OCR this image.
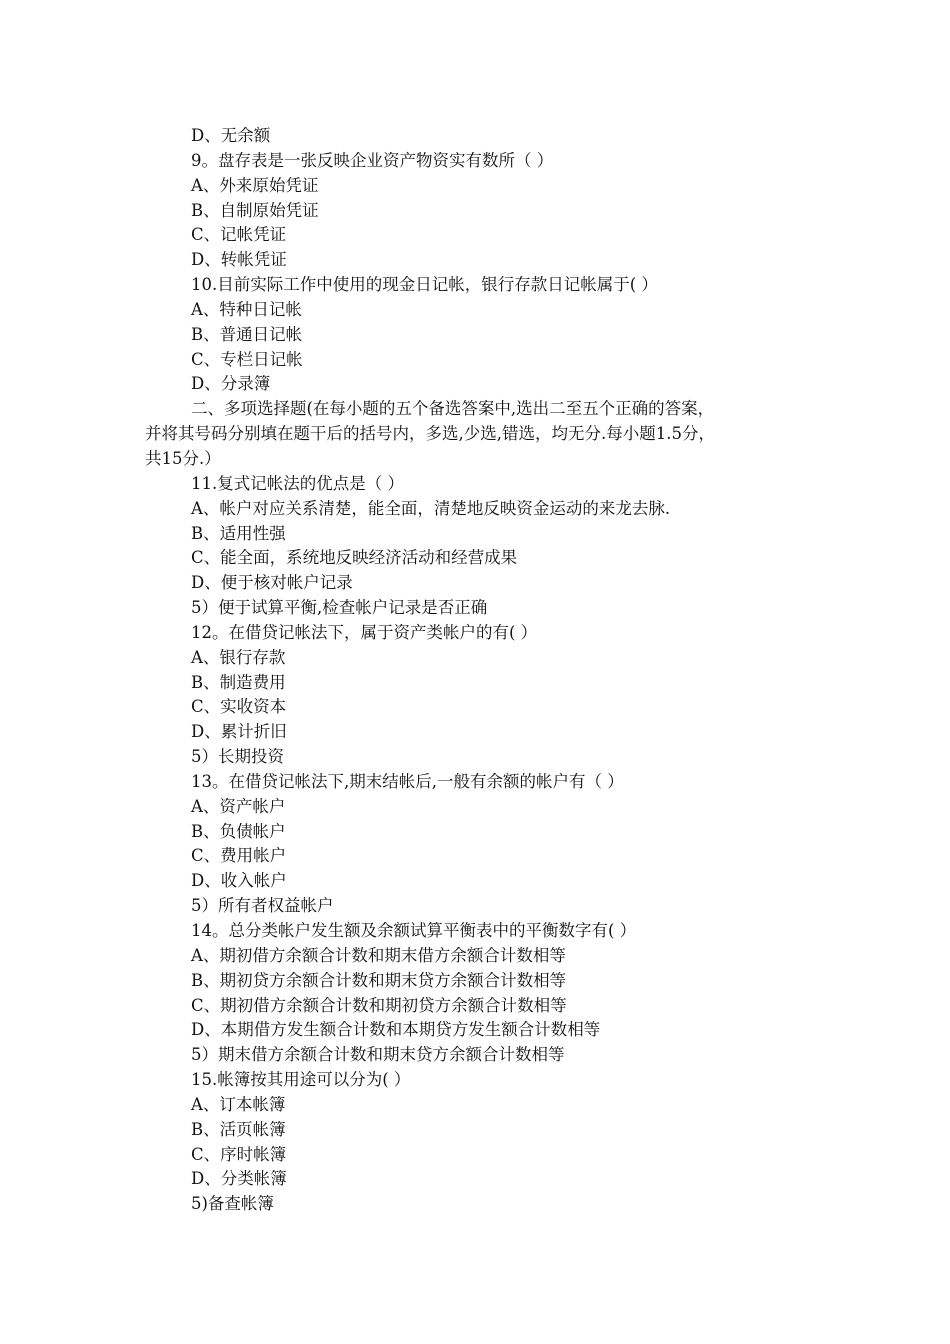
D、无余额
9。盘存表是一张反映企业资产物资实有数所（ ）
A、外来原始凭证
B、自制原始凭证
C、记帐凭证
D、转帐凭证
10.目前实际工作中使用的现金日记帐，银行存款日记帐属于( ）
A、特种日记帐
B、普通日记帐
C、专栏日记帐
D、分录簿
二、多项选择题(在每小题的五个备选答案中,选出二至五个正确的答案，
并将其号码分别填在题干后的括号内，多选,少选,错选，均无分.每小题1.5分，
共15分.）
11.复式记帐法的优点是（ ）
A、帐户对应关系清楚，能全面，清楚地反映资金运动的来龙去脉.
B、适用性强
C、能全面，系统地反映经济活动和经营成果
D、便于核对帐户记录
5）便于试算平衡,检查帐户记录是否正确
12。在借贷记帐法下，属于资产类帐户的有( ）
A、银行存款
B、制造费用
C、实收资本
D、累计折旧
5）长期投资
13。在借贷记帐法下,期末结帐后,一般有余额的帐户有（ ）
A、资产帐户
B、负债帐户
C、费用帐户
D、收入帐户
5）所有者权益帐户
14。总分类帐户发生额及余额试算平衡表中的平衡数字有( ）
A、期初借方余额合计数和期末借方余额合计数相等
B、期初贷方余额合计数和期末贷方余额合计数相等
C、期初借方余额合计数和期初贷方余额合计数相等
D、本期借方发生额合计数和本期贷方发生额合计数相等
5）期末借方余额合计数和期末贷方余额合计数相等
15.帐簿按其用途可以分为( ）
A、订本帐簿
B、活页帐簿
C、序时帐簿
D、分类帐簿
5)备查帐簿
